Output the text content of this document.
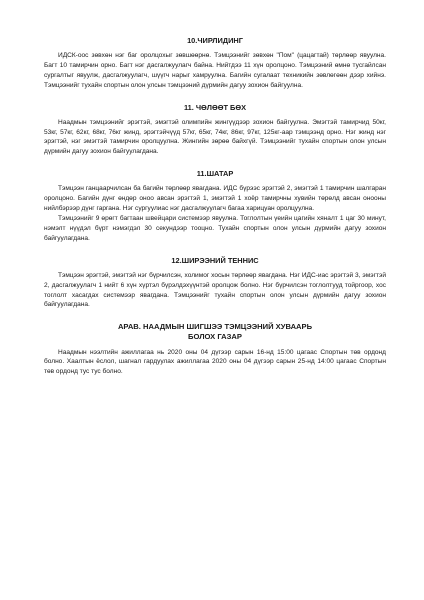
10.ЧИРЛИДИНГ

ИДСК-оос зөвхөн нэг баг оролцохыг зөвшөөрнө. Тэмцээнийг зөвхөн "Пом" (цацагтай) төрлөөр явуулна. Багт 10 тамирчин орно. Багт нэг дасгалжуулагч байна. Нийтдээ 11 хүн оролцоно. Тэмцээний өмнө тусгайлсан сургалтыг явуулж, дасгалжуулагч, шүүгч нарыг хамруулна. Багийн сугалаат техникийн зөвлөгөөн дээр хийнэ. Тэмцээнийг тухайн спортын олон улсын тэмцээний дүрмийн дагуу зохион байгуулна.

11. ЧӨЛӨӨТ БӨХ

Наадмын тэмцээнийг эрэгтэй, эмэгтэй олимпийн жингүүдээр зохион байгуулна. Эмэгтэй тамирчид 50кг, 53кг, 57кг, 62кг, 68кг, 76кг жинд, эрэгтэйчүүд 57кг, 65кг, 74кг, 86кг, 97кг, 125кг-аар тэмцээнд орно. Нэг жинд нэг эрэгтэй, нэг эмэгтэй тамирчин оролцуулна. Жингийн зөрөө байхгүй. Тэмцээнийг тухайн спортын олон улсын дүрмийн дагуу зохион байгуулагдана.

11.ШАТАР

Тэмцээн ганцаарчилсан ба багийн төрлөөр явагдана. ИДС бүрээс эрэгтэй 2, эмэгтэй 1 тамирчин шалгаран оролцоно. Багийн дүнг өндөр оноо авсан эрэгтэй 1, эмэгтэй 1 хоёр тамирчны хувийн төрөлд авсан онооны нийлбэрээр дүнг гаргана. Нэг сургуулиас нэг дасгалжуулагч багаа харицуан оролцуулна.

Тэмцээнийг 9 өрөгт багтаан швейцари системээр явуулна. Тоглолтын үеийн цагийн хяналт 1 цаг 30 минут, нэмэлт нүүдэл бүрт нэмэгдэл 30 секундээр тооцно. Тухайн спортын олон улсын дүрмийн дагуу зохион байгуулагдана.

12.ШИРЭЭНИЙ ТЕННИС

Тэмцээн эрэгтэй, эмэгтэй нэг бүрчилсэн, холимог хосын төрлөөр явагдана. Нэг ИДС-иас эрэгтэй 3, эмэгтэй 2, дасгалжуулагч 1 нийт 6 хүн хүртэл бүрэлдэхүүнтэй оролцож болно. Нэг бүрчилсэн тоглолтууд тойргоор, хос тоглолт хасагдах системээр явагдана. Тэмцээнийг тухайн спортын олон улсын дүрмийн дагуу зохион байгуулагдана.

АРАВ. НААДМЫН ШИГШЭЭ ТЭМЦЭЭНИЙ ХУВААРЬ
БОЛОХ ГАЗАР

Наадмын нээлтийн ажиллагаа нь 2020 оны 04 дүгээр сарын 16-нд 15:00 цагаас Спортын төв ордонд болно. Хаалтын ёслол, шагнал гардуулах ажиллагаа 2020 оны 04 дүгээр сарын 25-нд 14:00 цагаас Спортын төв ордонд тус тус болно.
